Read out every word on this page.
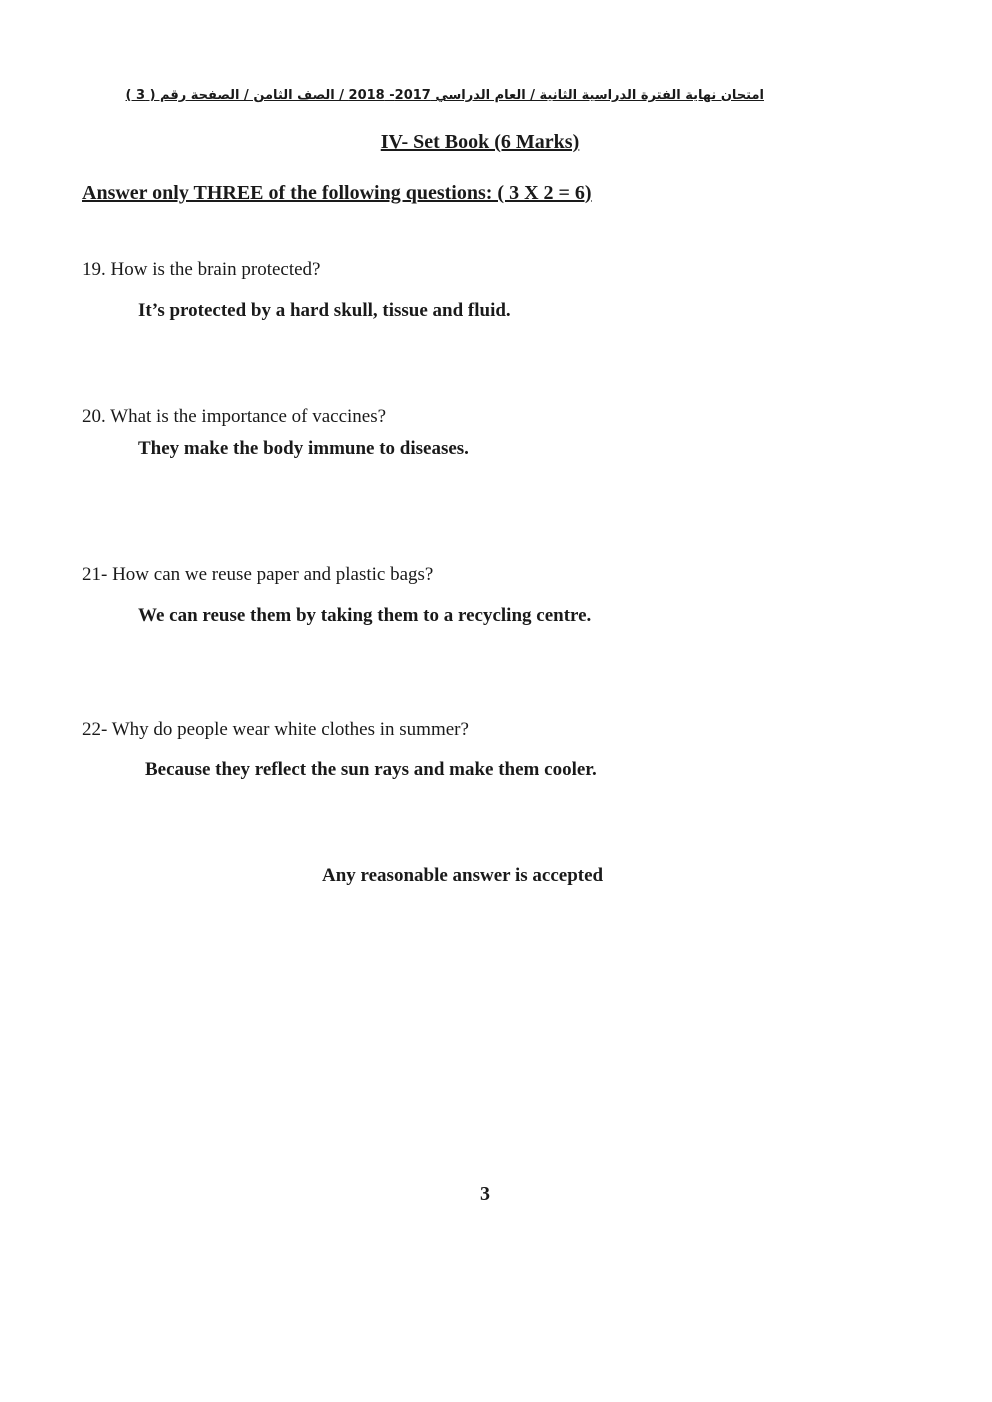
امتحان نهاية الفترة الدراسية الثانية / العام الدراسي 2017- 2018 / الصف الثامن / الصفحة رقم ( 3 )
IV- Set Book (6 Marks)
Answer only THREE of the following questions: ( 3 X 2 = 6)
19. How is the brain protected?
It’s protected by a hard skull, tissue and fluid.
20. What is the importance of vaccines?
They make the body immune to diseases.
21- How can we reuse paper and plastic bags?
We can reuse them by taking them to a recycling centre.
22- Why do people wear white clothes in summer?
Because they reflect the sun rays and make them cooler.
Any reasonable answer is accepted
3
